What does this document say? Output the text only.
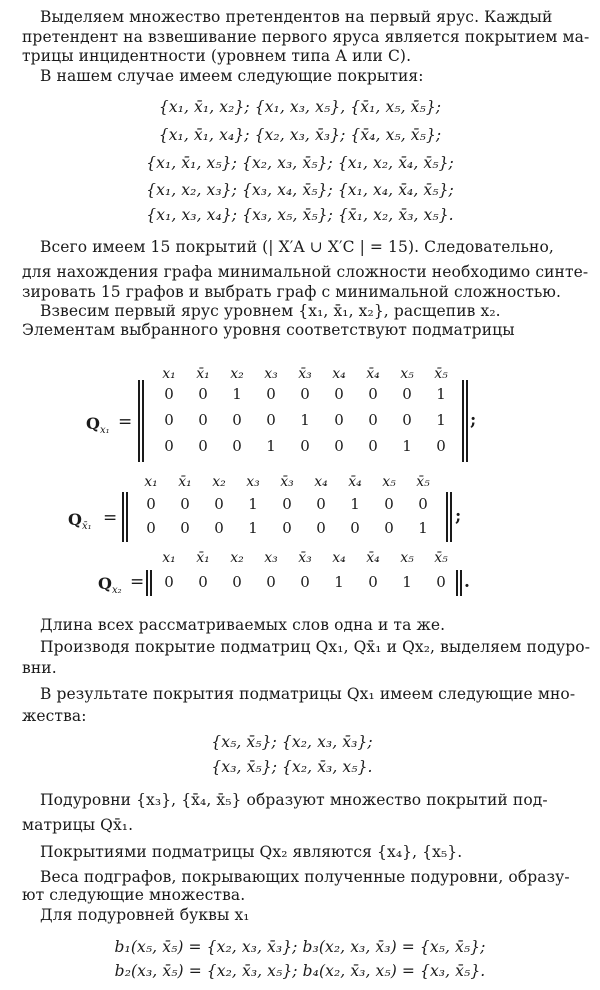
Выделяем множество претендентов на первый ярус. Каждый
претендент на взвешивание первого яруса является покрытием ма-
трицы инцидентности (уровнем типа А или С).
В нашем случае имеем следующие покрытия:
{x₁, x̄₁, x₂}; {x₁, x₃, x₅}, {x̄₁, x₅, x̄₅};
{x₁, x̄₁, x₄}; {x₂, x₃, x̄₃}; {x̄₄, x₅, x̄₅};
{x₁, x̄₁, x₅}; {x₂, x₃, x̄₅}; {x₁, x₂, x̄₄, x̄₅};
{x₁, x₂, x₃}; {x₃, x₄, x̄₅}; {x₁, x₄, x̄₄, x̄₅};
{x₁, x₃, x₄}; {x₃, x₅, x̄₅}; {x̄₁, x₂, x̄₃, x₅}.
Всего имеем 15 покрытий (| X′A ∪ X′C | = 15). Следовательно,
для нахождения графа минимальной сложности необходимо синте-
зировать 15 графов и выбрать граф с минимальной сложностью.
Взвесим первый ярус уровнем {x₁, x̄₁, x₂}, расщепив x₂.
Элементам выбранного уровня соответствуют подматрицы
x₁ x̄₁ x₂ x₃ x̄₃ x₄ x̄₄ x₅ x̄₅
$Q_{x_1}$ =
0 0 1 0 0 0 0 0 1
0 0 0 0 1 0 0 0 1
0 0 0 1 0 0 0 1 0
;
x₁ x̄₁ x₂ x₃ x̄₃ x₄ x̄₄ x₅ x̄₅
$Q_{x̄_1}$ =
0 0 0 1 0 0 1 0 0
0 0 0 1 0 0 0 0 1
;
x₁ x̄₁ x₂ x₃ x̄₃ x₄ x̄₄ x₅ x̄₅
$Q_{x_2}$ =	0 0 0 0 0 1 0 1 0	.
Длина всех рассматриваемых слов одна и та же.
Производя покрытие подматриц Qx₁, Qx̄₁ и Qx₂, выделяем подуро-
вни.
В результате покрытия подматрицы Qx₁ имеем следующие мно-
жества:
{x₅, x̄₅}; {x₂, x₃, x̄₃};
{x₃, x̄₅}; {x₂, x̄₃, x₅}.
Подуровни {x₃}, {x̄₄, x̄₅} образуют множество покрытий под-
матрицы Qx̄₁.
Покрытиями подматрицы Qx₂ являются {x₄}, {x₅}.
Веса подграфов, покрывающих полученные подуровни, образу-
ют следующие множества.
Для подуровней буквы x₁
b₁(x₅, x̄₅) = {x₂, x₃, x̄₃}; b₃(x₂, x₃, x̄₃) = {x₅, x̄₅};
b₂(x₃, x̄₅) = {x₂, x̄₃, x₅}; b₄(x₂, x̄₃, x₅) = {x₃, x̄₅}.
